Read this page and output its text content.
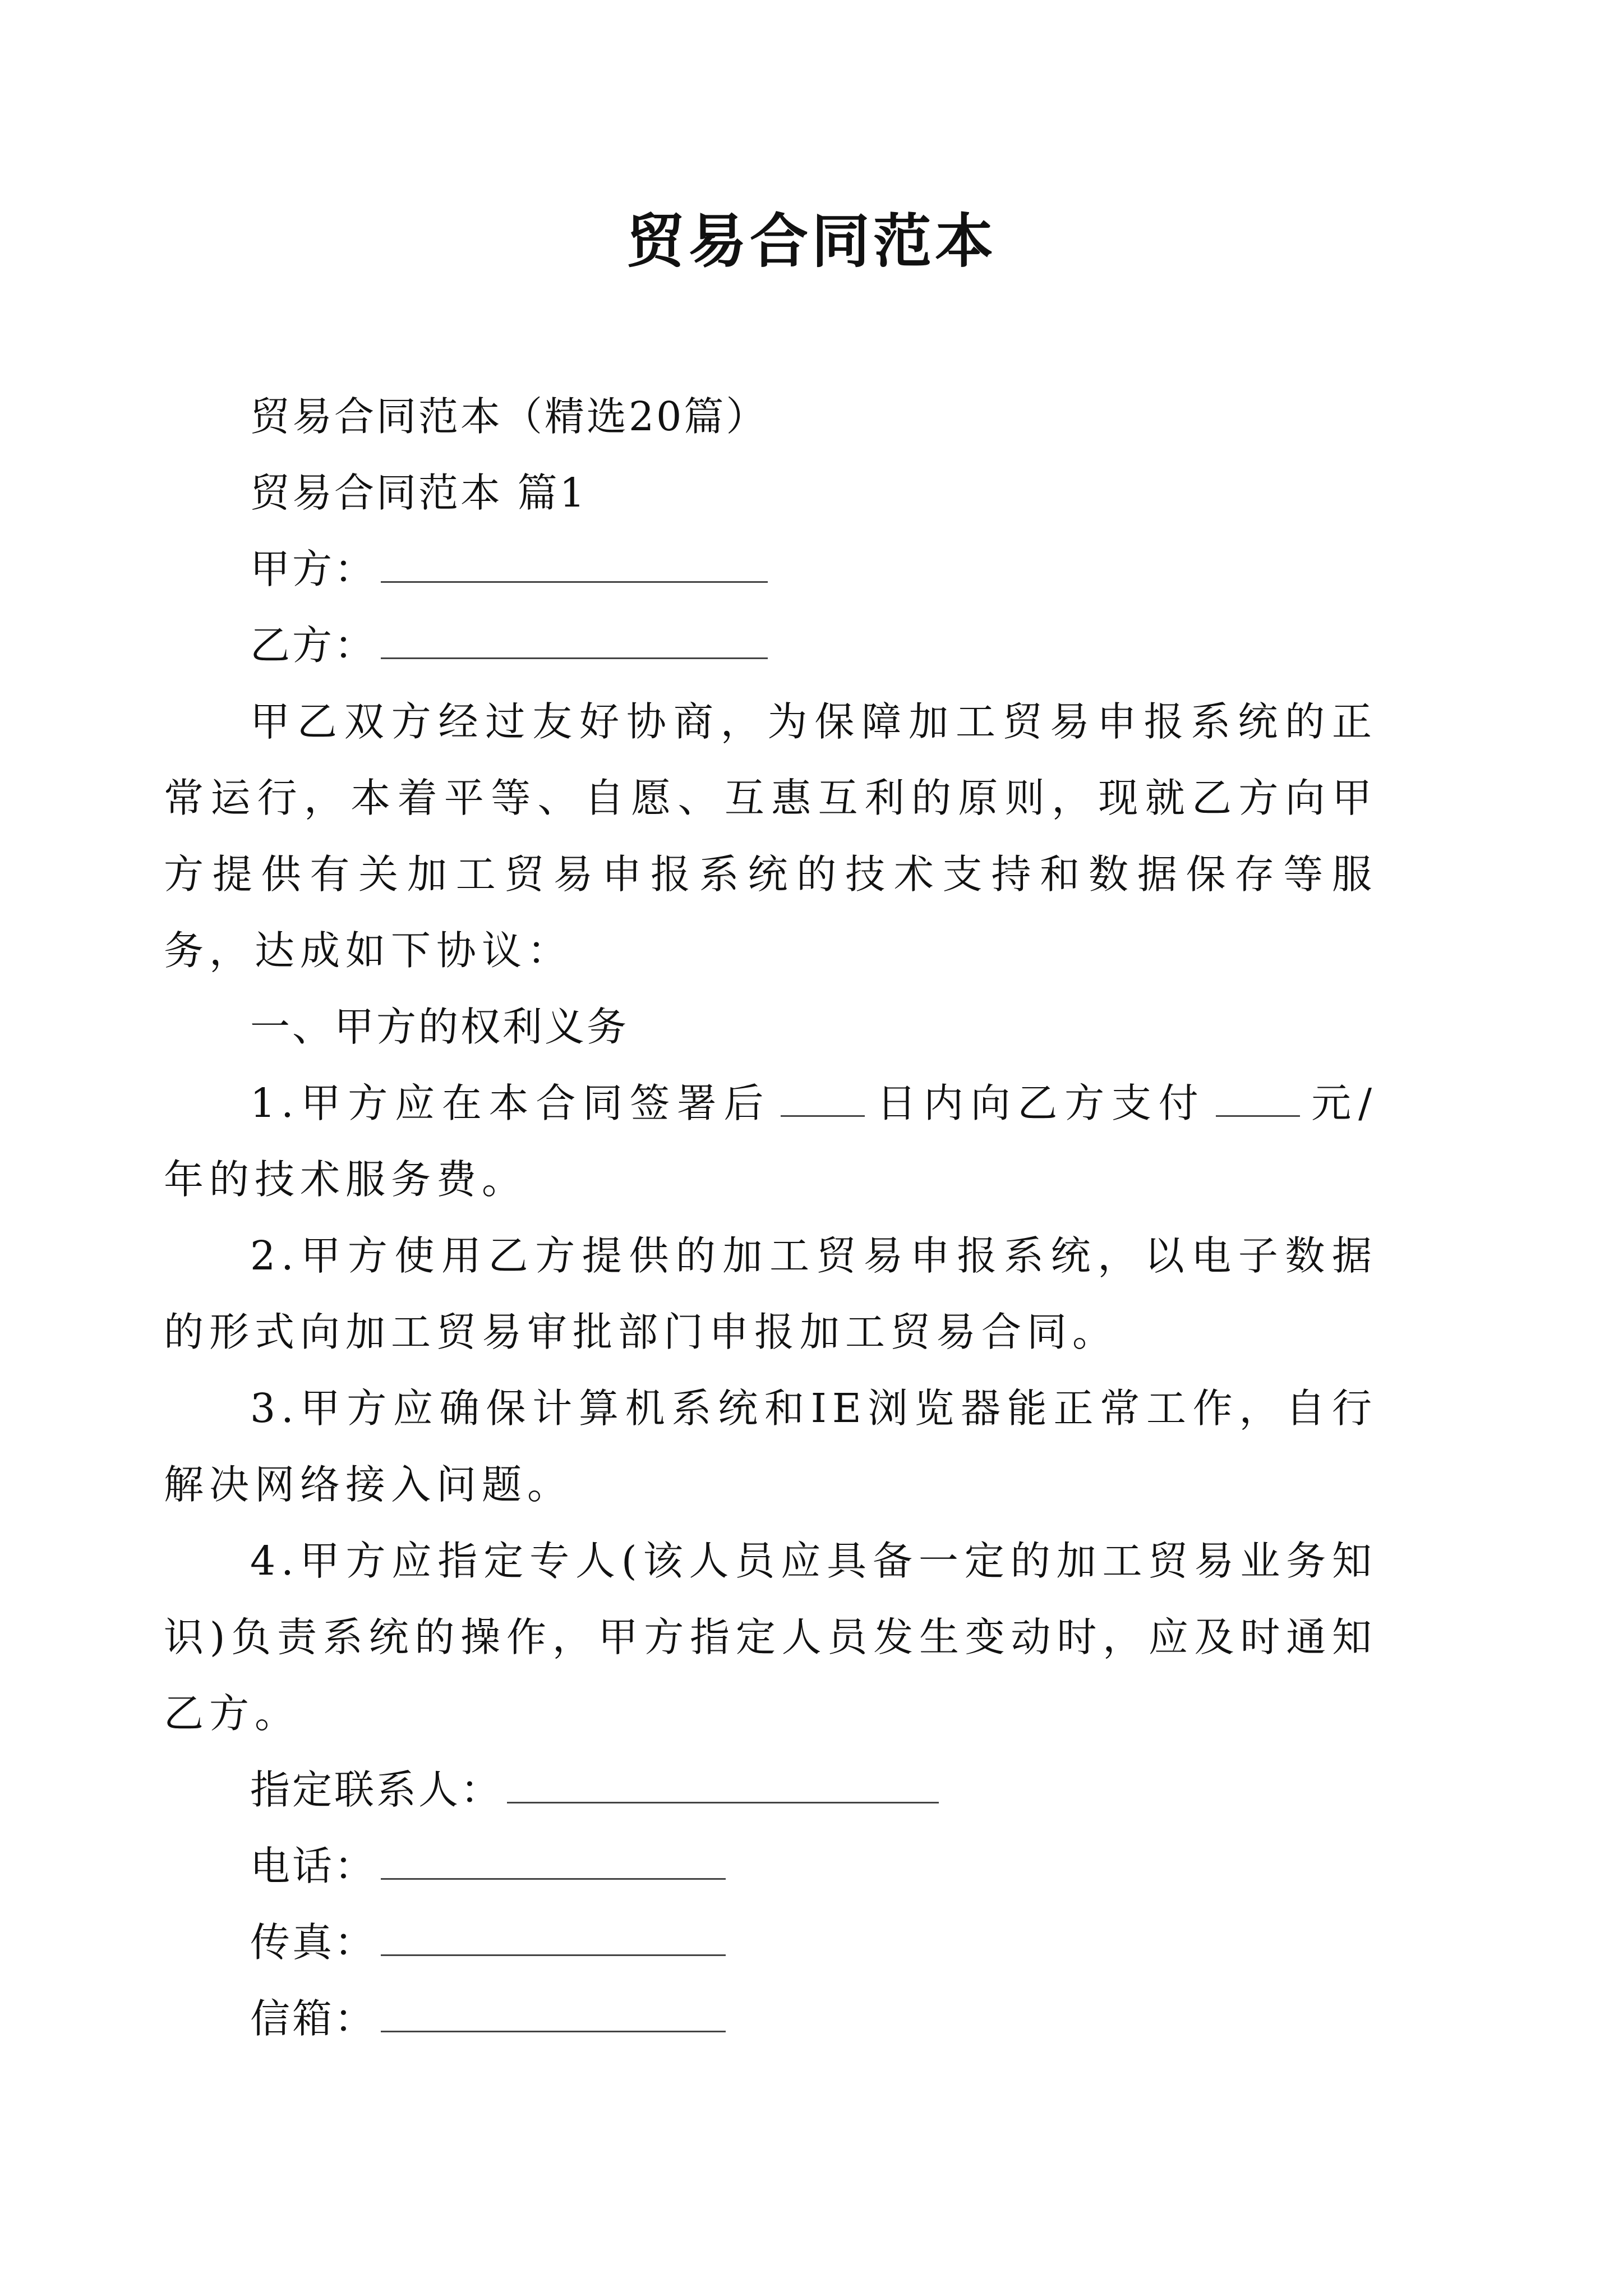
贸易合同范本
贸易合同范本（精选20篇）
贸易合同范本 篇1
甲方：
乙方：
甲乙双方经过友好协商，为保障加工贸易申报系统的正常运行，本着平等、自愿、互惠互利的原则，现就乙方向甲方提供有关加工贸易申报系统的技术支持和数据保存等服务，达成如下协议：
一、甲方的权利义务
1.甲方应在本合同签署后	日内向乙方支付	元/年的技术服务费。
2.甲方使用乙方提供的加工贸易申报系统，以电子数据的形式向加工贸易审批部门申报加工贸易合同。
3.甲方应确保计算机系统和IE浏览器能正常工作，自行解决网络接入问题。
4.甲方应指定专人(该人员应具备一定的加工贸易业务知识)负责系统的操作，甲方指定人员发生变动时，应及时通知乙方。
指定联系人：
电话：
传真：
信箱：
